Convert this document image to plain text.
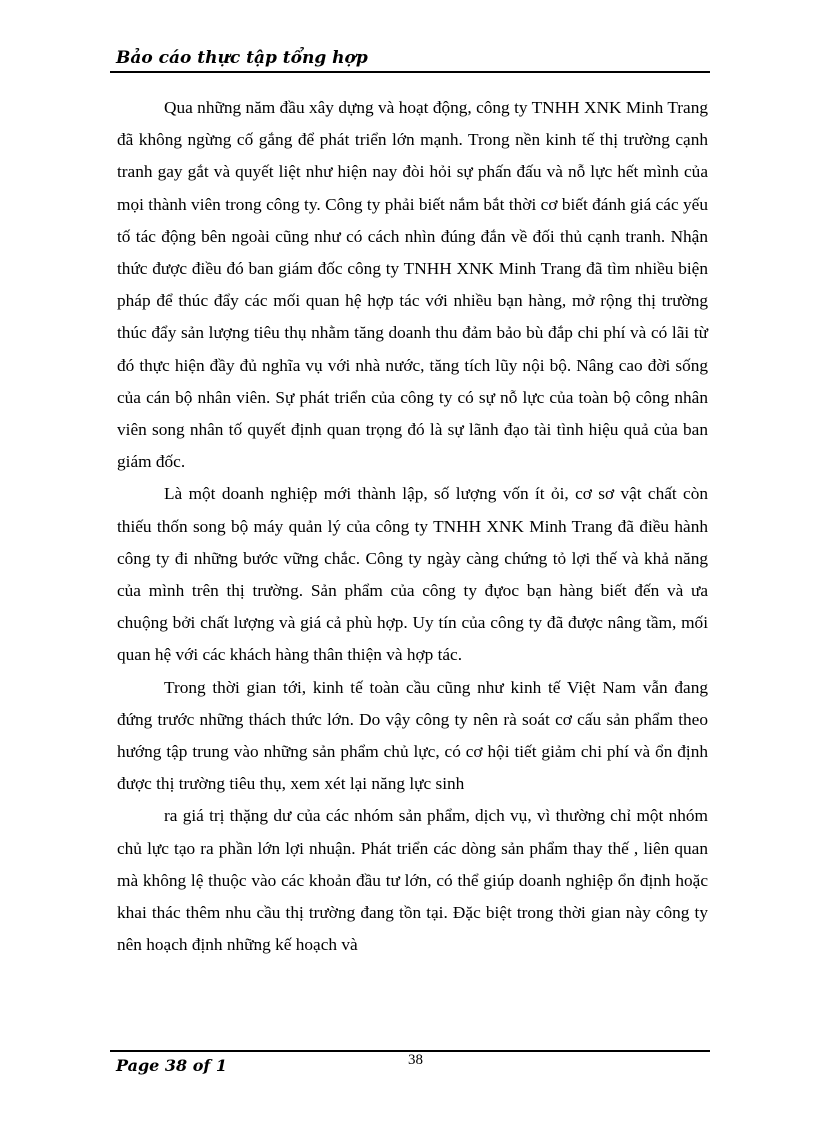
Bảo cáo thực tập tổng hợp

Qua những năm đầu xây dựng và hoạt động, công ty TNHH XNK Minh Trang đã không ngừng cố gắng để phát triển lớn mạnh. Trong nền kinh tế thị trường cạnh tranh gay gắt và quyết liệt như hiện nay đòi hỏi sự phấn đấu và nỗ lực hết mình của mọi thành viên trong công ty. Công ty phải biết nắm bắt thời cơ biết đánh giá các yếu tố tác động bên ngoài cũng như có cách nhìn đúng đắn về đối thủ cạnh tranh. Nhận thức được điều đó ban giám đốc công ty TNHH XNK Minh Trang đã tìm nhiều biện pháp để thúc đẩy các mối quan hệ hợp tác với nhiều bạn hàng, mở rộng thị trường thúc đẩy sản lượng tiêu thụ nhằm tăng doanh thu đảm bảo bù đắp chi phí và có lãi từ đó thực hiện đầy đủ nghĩa vụ với nhà nước, tăng tích lũy nội bộ. Nâng cao đời sống của cán bộ nhân viên. Sự phát triển của công ty có sự nỗ lực của toàn bộ công nhân viên song nhân tố quyết định quan trọng đó là sự lãnh đạo tài tình hiệu quả của ban giám đốc.

Là một doanh nghiệp mới thành lập, số lượng vốn ít ỏi, cơ sơ vật chất còn thiếu thốn song bộ máy quản lý của công ty TNHH XNK Minh Trang đã điều hành công ty đi những bước vững chắc. Công ty ngày càng chứng tỏ lợi thế và khả năng của mình trên thị trường. Sản phẩm của công ty đựoc bạn hàng biết đến và ưa chuộng bởi chất lượng và giá cả phù hợp. Uy tín của công ty đã được nâng tầm, mối quan hệ với các khách hàng thân thiện và hợp tác.

Trong thời gian tới, kinh tế toàn cầu cũng như kinh tế Việt Nam vẫn đang đứng trước những thách thức lớn. Do vậy công ty nên rà soát cơ cấu sản phẩm theo hướng tập trung vào những sản phẩm chủ lực, có cơ hội tiết giảm chi phí và ổn định được thị trường tiêu thụ, xem xét lại năng lực sinh

ra giá trị thặng dư của các nhóm sản phẩm, dịch vụ, vì thường chỉ một nhóm chủ lực tạo ra phần lớn lợi nhuận. Phát triển các dòng sản phẩm thay thế , liên quan mà không lệ thuộc vào các khoản đầu tư lớn, có thể giúp doanh nghiệp ổn định hoặc khai thác thêm nhu cầu thị trường đang tồn tại. Đặc biệt trong thời gian này công ty nên hoạch định những kế hoạch và

Page 38 of 1	38
